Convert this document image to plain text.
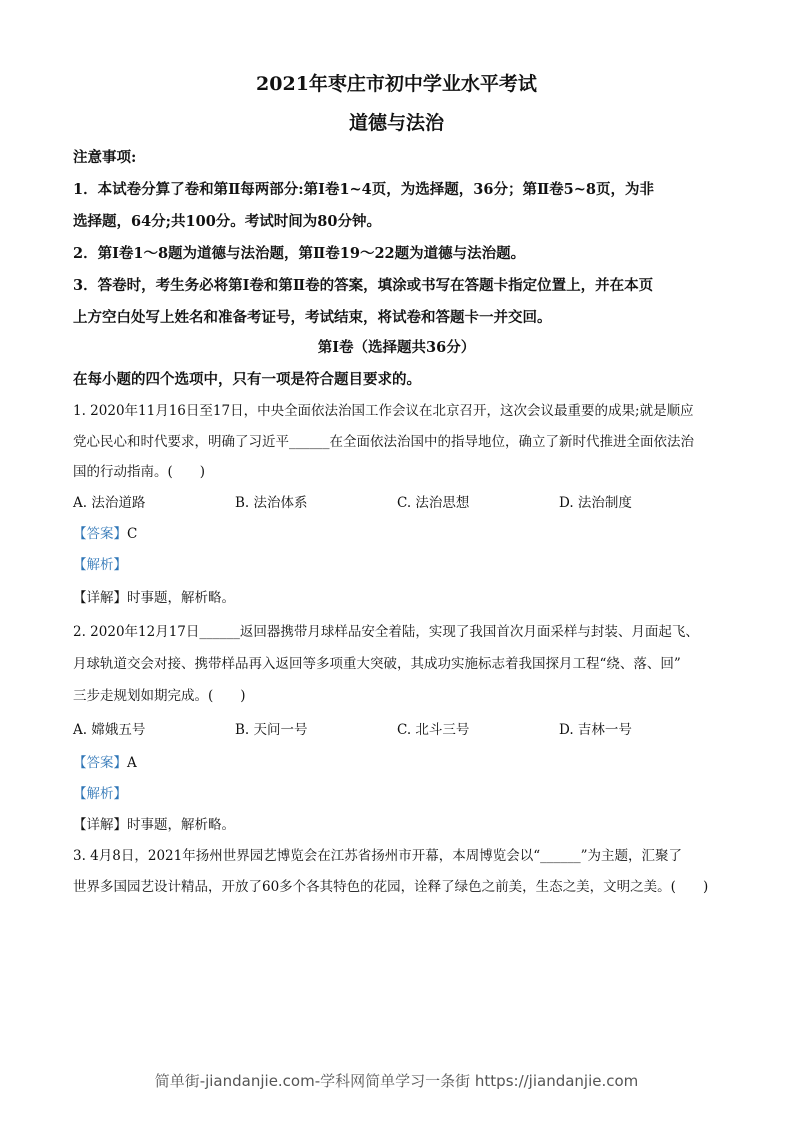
2021年枣庄市初中学业水平考试
道德与法治
注意事项:
1．本试卷分算了卷和第Ⅱ每两部分:第Ⅰ卷1~4页，为选择题，36分；第Ⅱ卷5~8页，为非
选择题，64分;共100分。考试时间为80分钟。
2．第Ⅰ卷1～8题为道德与法治题，第Ⅱ卷19～22题为道德与法治题。
3．答卷时，考生务必将第Ⅰ卷和第Ⅱ卷的答案，填涂或书写在答题卡指定位置上，并在本页
上方空白处写上姓名和准备考证号，考试结束，将试卷和答题卡一并交回。
第Ⅰ卷（选择题共36分）
在每小题的四个选项中，只有一项是符合题目要求的。
1. 2020年11月16日至17日，中央全面依法治国工作会议在北京召开，这次会议最重要的成果;就是顺应
党心民心和时代要求，明确了习近平______在全面依法治国中的指导地位，确立了新时代推进全面依法治
国的行动指南。(　　)
A. 法治道路	B. 法治体系	C. 法治思想	D. 法治制度
【答案】C
【解析】
【详解】时事题，解析略。
2. 2020年12月17日______返回器携带月球样品安全着陆，实现了我国首次月面采样与封装、月面起飞、
月球轨道交会对接、携带样品再入返回等多项重大突破，其成功实施标志着我国探月工程“绕、落、回”
三步走规划如期完成。(　　)
A. 嫦娥五号	B. 天问一号	C. 北斗三号	D. 吉林一号
【答案】A
【解析】
【详解】时事题，解析略。
3. 4月8日，2021年扬州世界园艺博览会在江苏省扬州市开幕，本周博览会以“______”为主题，汇聚了
世界多国园艺设计精品，开放了60多个各其特色的花园，诠释了绿色之前美，生态之美，文明之美。(　　)
简单街-jiandanjie.com-学科网简单学习一条街 https://jiandanjie.com
